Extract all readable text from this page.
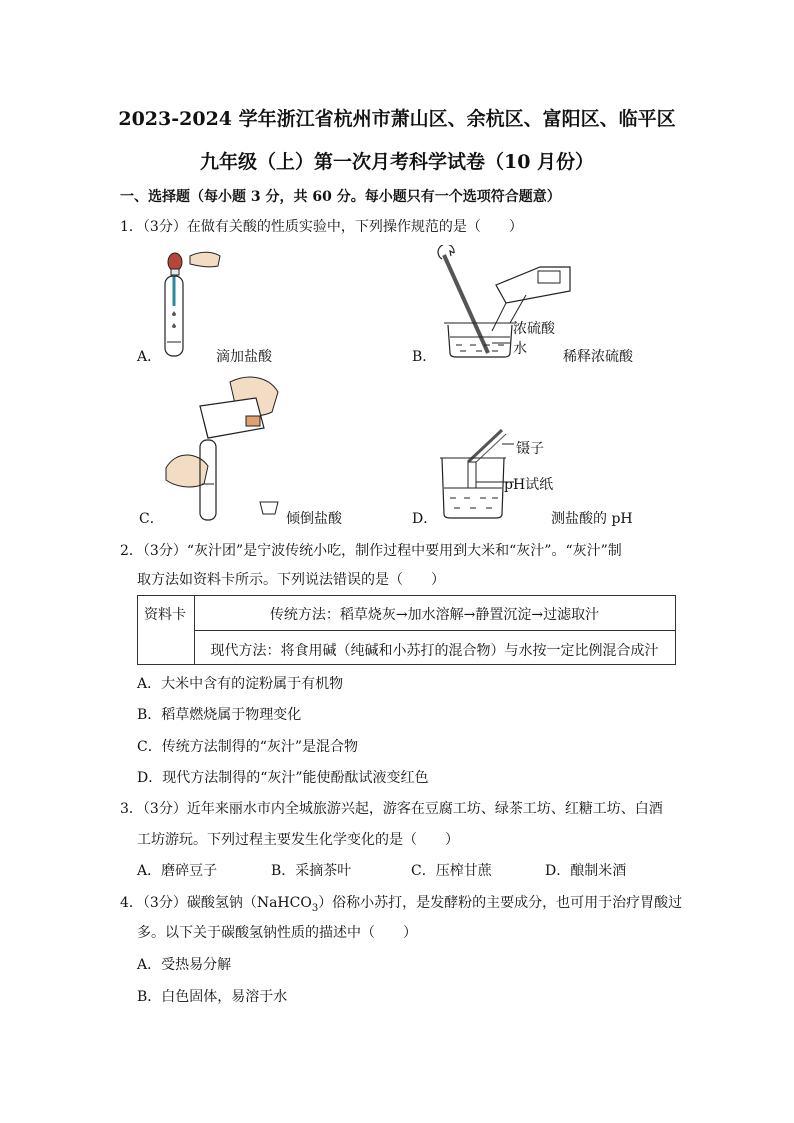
2023-2024 学年浙江省杭州市萧山区、余杭区、富阳区、临平区
九年级（上）第一次月考科学试卷（10 月份）
一、选择题（每小题 3 分，共 60 分。每小题只有一个选项符合题意）
1．（3分）在做有关酸的性质实验中，下列操作规范的是（　　）
A．	滴加盐酸
浓硫酸
水
B．	稀释浓硫酸
C．	倾倒盐酸
镊子
pH试纸
D．	测盐酸的 pH
2．（3分）“灰汁团”是宁波传统小吃，制作过程中要用到大米和“灰汁”。“灰汁”制
取方法如资料卡所示。下列说法错误的是（　　）
资料卡	传统方法：稻草烧灰→加水溶解→静置沉淀→过滤取汁
现代方法：将食用碱（纯碱和小苏打的混合物）与水按一定比例混合成汁
A．大米中含有的淀粉属于有机物
B．稻草燃烧属于物理变化
C．传统方法制得的“灰汁”是混合物
D．现代方法制得的“灰汁”能使酚酞试液变红色
3．（3分）近年来丽水市内全城旅游兴起，游客在豆腐工坊、绿茶工坊、红糖工坊、白酒
工坊游玩。下列过程主要发生化学变化的是（　　）
A．磨碎豆子	B．采摘茶叶	C．压榨甘蔗	D．酿制米酒
4．（3分）碳酸氢钠（NaHCO$_3$）俗称小苏打，是发酵粉的主要成分，也可用于治疗胃酸过
多。以下关于碳酸氢钠性质的描述中（　　）
A．受热易分解
B．白色固体，易溶于水
